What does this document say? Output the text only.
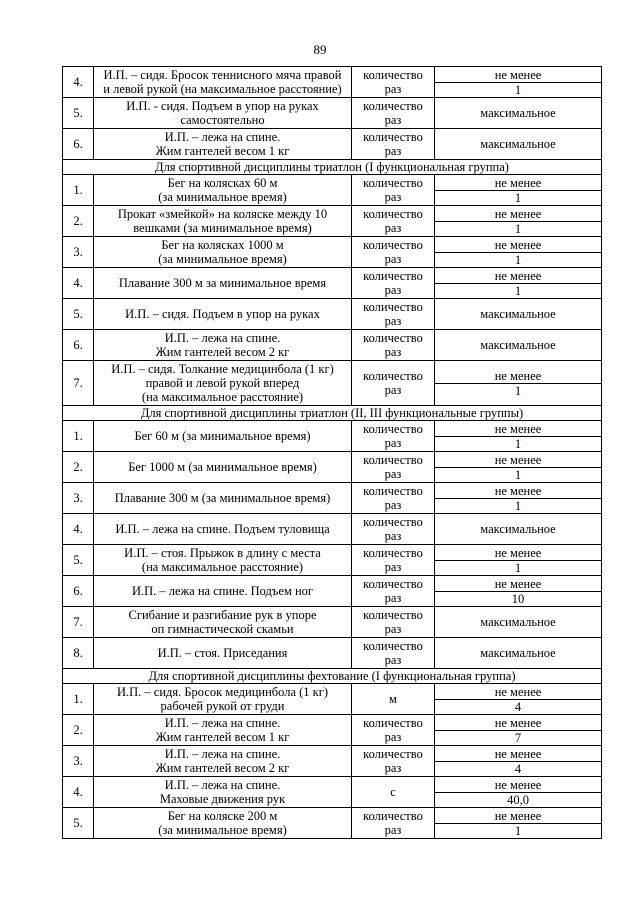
89
4.	И.П. – сидя. Бросок теннисного мяча правой
и левой рукой (на максимальное расстояние)	количество
раз	не менее
1

5.	И.П. - сидя. Подъем в упор на руках
самостоятельно	количество
раз	максимальное
6.	И.П. – лежа на спине.
Жим гантелей весом 1 кг	количество
раз	максимальное
Для спортивной дисциплины триатлон (I функциональная группа)			
1.	Бег на колясках 60 м
(за минимальное время)	количество
раз	не менее
1

2.	Прокат «змейкой» на коляске между 10
вешками (за минимальное время)	количество
раз	не менее
1

3.	Бег на колясках 1000 м
(за минимальное время)	количество
раз	не менее
1

4.	Плавание 300 м за минимальное время	количество
раз	не менее
1

5.	И.П. – сидя. Подъем в упор на руках	количество
раз	максимальное
6.	И.П. – лежа на спине.
Жим гантелей весом 2 кг	количество
раз	максимальное
7.	И.П. – сидя. Толкание медицинбола (1 кг)
правой и левой рукой вперед
(на максимальное расстояние)	количество
раз	не менее
1

Для спортивной дисциплины триатлон (II, III функциональные группы)			
1.	Бег 60 м (за минимальное время)	количество
раз	не менее
1

2.	Бег 1000 м (за минимальное время)	количество
раз	не менее
1

3.	Плавание 300 м (за минимальное время)	количество
раз	не менее
1

4.	И.П. – лежа на спине. Подъем туловища	количество
раз	максимальное
5.	И.П. – стоя. Прыжок в длину с места
(на максимальное расстояние)	количество
раз	не менее
1

6.	И.П. – лежа на спине. Подъем ног	количество
раз	не менее
10

7.	Сгибание и разгибание рук в упоре
оп гимнастической скамьи	количество
раз	максимальное
8.	И.П. – стоя. Приседания	количество
раз	максимальное
Для спортивной дисциплины фехтование (I функциональная группа)			
1.	И.П. – сидя. Бросок медицинбола (1 кг)
рабочей рукой от груди	м	не менее
4

2.	И.П. – лежа на спине.
Жим гантелей весом 1 кг	количество
раз	не менее
7

3.	И.П. – лежа на спине.
Жим гантелей весом 2 кг	количество
раз	не менее
4

4.	И.П. – лежа на спине.
Маховые движения рук	с	не менее
40,0

5.	Бег на коляске 200 м
(за минимальное время)	количество
раз	не менее
1
